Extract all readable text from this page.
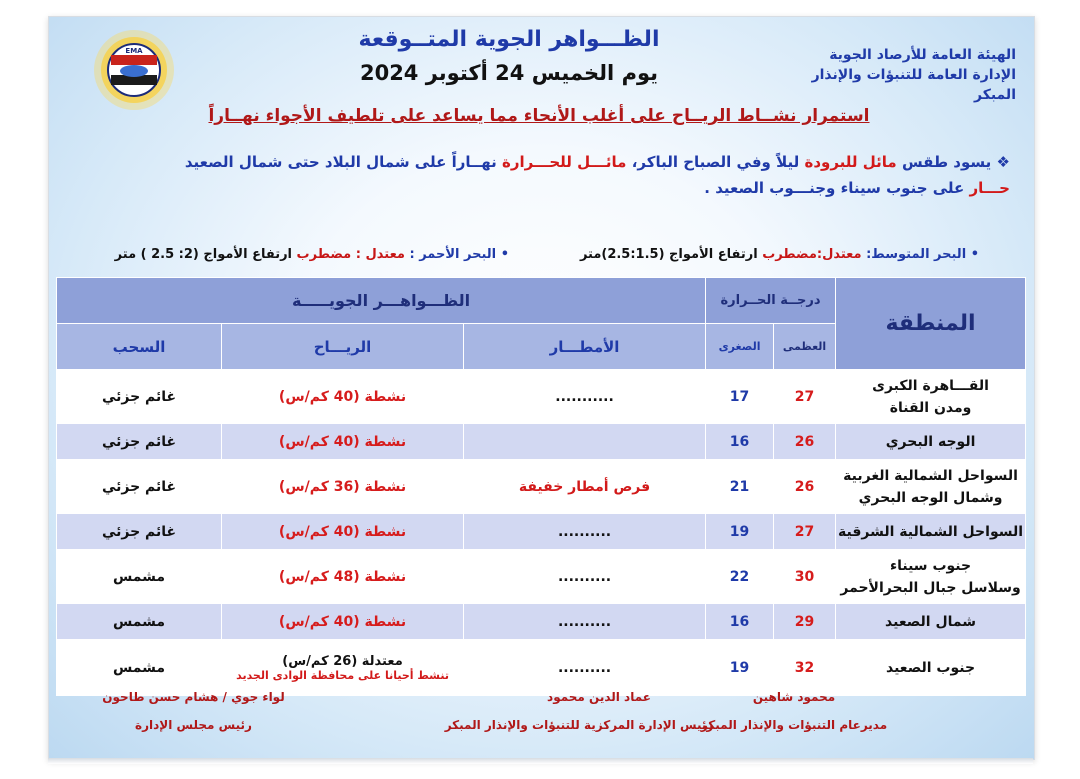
EMA	الظـــواهر الجوية المتــوقعة
يوم الخميس 24 أكتوبر 2024
الهيئة العامة للأرصاد الجوية
الإدارة العامة للتنبؤات والإنذار المبكر
استمرار نشــاط الريــاح على أغلب الأنحاء مما يساعد على تلطيف الأجواء نهــاراً
❖ يسود طقس مائل للبرودة ليلاً وفي الصباح الباكر، مائـــل للحـــرارة نهــاراً على شمال البلاد حتى شمال الصعيد
حـــار على جنوب سيناء وجنـــوب الصعيد .
• البحر المتوسط: معتدل:مضطرب ارتفاع الأمواج (2.5:1.5)متر
• البحر الأحمر : معتدل : مضطرب ارتفاع الأمواج (2: 2.5 ) متر
المنطقة	درجــة الحــرارة		الظـــواهـــر الجويـــــة		
	العظمى	الصغرى	الأمطـــار	الريـــاح	السحب

القـــاهرة الكبرى
ومدن القناة	27	17	...........	نشطة (40 كم/س)	غائم جزئي

الوجه البحري	26	16		نشطة (40 كم/س)	غائم جزئي

السواحل الشمالية الغربية
وشمال الوجه البحري	26	21	فرص أمطار خفيفة	نشطة (36 كم/س)	غائم جزئي

السواحل الشمالية الشرقية	27	19	..........	نشطة (40 كم/س)	غائم جزئي

جنوب سيناء
وسلاسل جبال البحرالأحمر	30	22	..........	نشطة (48 كم/س)	مشمس

شمال الصعيد	29	16	..........	نشطة (40 كم/س)	مشمس

جنوب الصعيد	32	19	..........	معتدلة (26 كم/س)
تنشط أحيانا على محافظة الوادى الجديد	مشمس
محمود شاهين
مديرعام التنبؤات والإنذار المبكر
عماد الدين محمود
رئيس الإدارة المركزية للتنبؤات والإنذار المبكر
لواء جوي / هشام حسن طاحون
رئيس مجلس الإدارة
